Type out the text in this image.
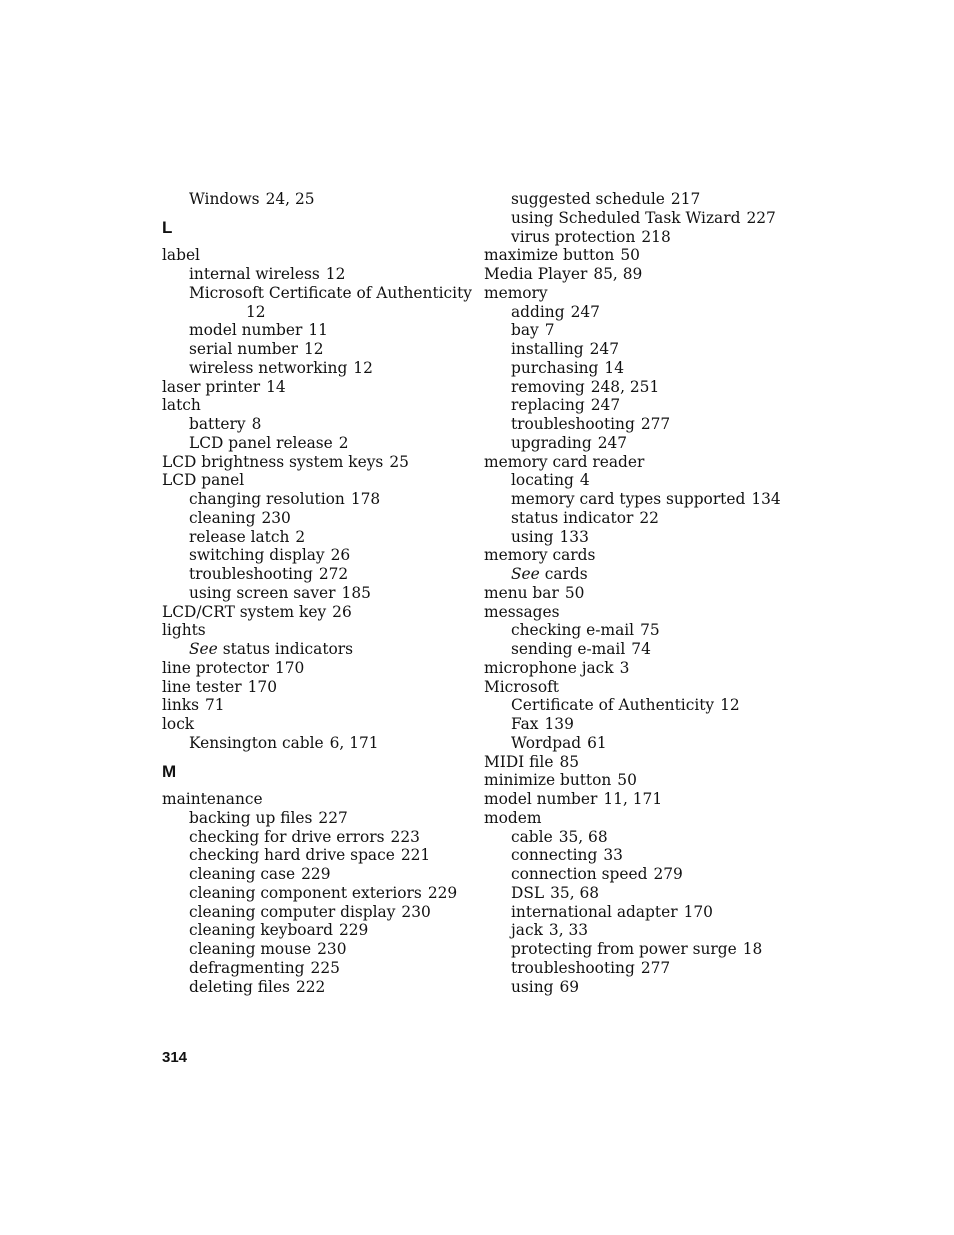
Windows 24, 25
L
label
internal wireless 12
Microsoft Certificate of Authenticity
12
model number 11
serial number 12
wireless networking 12
laser printer 14
latch
battery 8
LCD panel release 2
LCD brightness system keys 25
LCD panel
changing resolution 178
cleaning 230
release latch 2
switching display 26
troubleshooting 272
using screen saver 185
LCD/CRT system key 26
lights
See status indicators
line protector 170
line tester 170
links 71
lock
Kensington cable 6, 171
M
maintenance
backing up files 227
checking for drive errors 223
checking hard drive space 221
cleaning case 229
cleaning component exteriors 229
cleaning computer display 230
cleaning keyboard 229
cleaning mouse 230
defragmenting 225
deleting files 222
suggested schedule 217
using Scheduled Task Wizard 227
virus protection 218
maximize button 50
Media Player 85, 89
memory
adding 247
bay 7
installing 247
purchasing 14
removing 248, 251
replacing 247
troubleshooting 277
upgrading 247
memory card reader
locating 4
memory card types supported 134
status indicator 22
using 133
memory cards
See cards
menu bar 50
messages
checking e-mail 75
sending e-mail 74
microphone jack 3
Microsoft
Certificate of Authenticity 12
Fax 139
Wordpad 61
MIDI file 85
minimize button 50
model number 11, 171
modem
cable 35, 68
connecting 33
connection speed 279
DSL 35, 68
international adapter 170
jack 3, 33
protecting from power surge 18
troubleshooting 277
using 69
314
